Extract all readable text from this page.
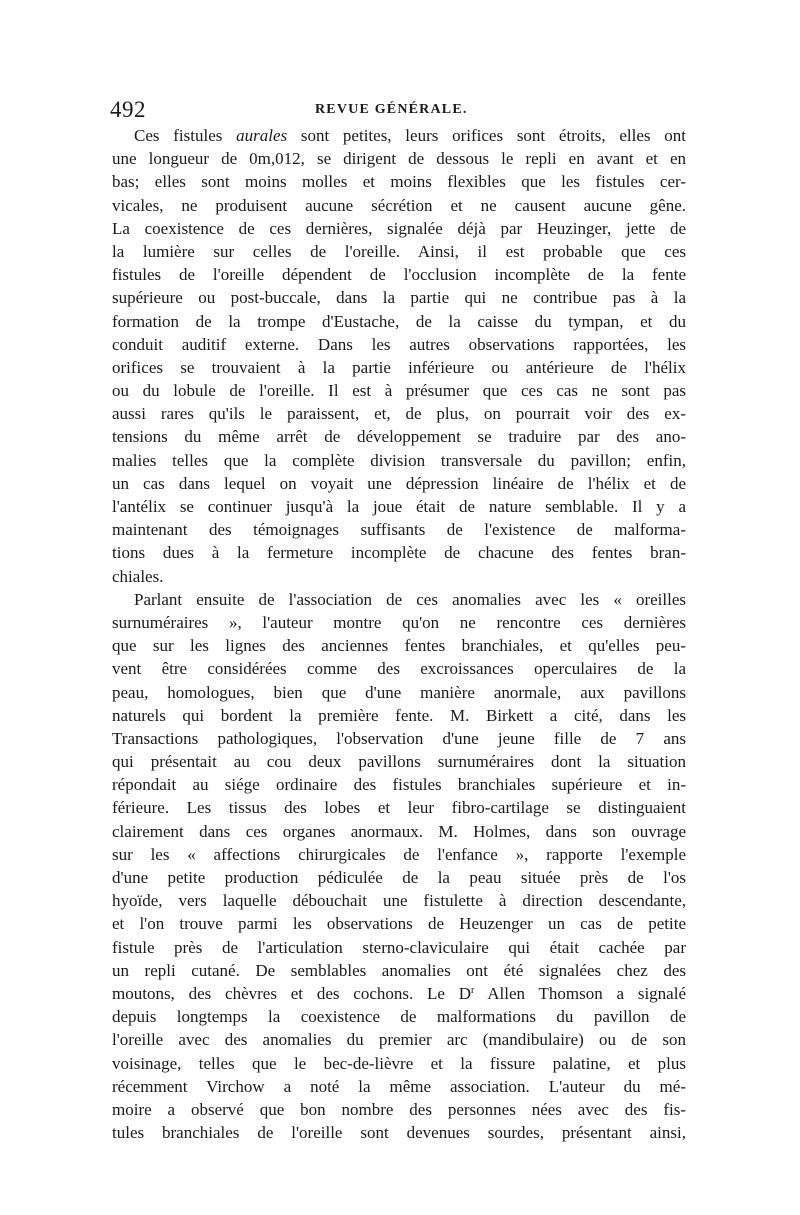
492	REVUE GÉNÉRALE.
Ces fistules aurales sont petites, leurs orifices sont étroits, elles ont
une longueur de 0m,012, se dirigent de dessous le repli en avant et en
bas; elles sont moins molles et moins flexibles que les fistules cer-
vicales, ne produisent aucune sécrétion et ne causent aucune gêne.
La coexistence de ces dernières, signalée déjà par Heuzinger, jette de
la lumière sur celles de l'oreille. Ainsi, il est probable que ces
fistules de l'oreille dépendent de l'occlusion incomplète de la fente
supérieure ou post-buccale, dans la partie qui ne contribue pas à la
formation de la trompe d'Eustache, de la caisse du tympan, et du
conduit auditif externe. Dans les autres observations rapportées, les
orifices se trouvaient à la partie inférieure ou antérieure de l'hélix
ou du lobule de l'oreille. Il est à présumer que ces cas ne sont pas
aussi rares qu'ils le paraissent, et, de plus, on pourrait voir des ex-
tensions du même arrêt de développement se traduire par des ano-
malies telles que la complète division transversale du pavillon; enfin,
un cas dans lequel on voyait une dépression linéaire de l'hélix et de
l'antélix se continuer jusqu'à la joue était de nature semblable. Il y a
maintenant des témoignages suffisants de l'existence de malforma-
tions dues à la fermeture incomplète de chacune des fentes bran-
chiales.
Parlant ensuite de l'association de ces anomalies avec les « oreilles
surnuméraires », l'auteur montre qu'on ne rencontre ces dernières
que sur les lignes des anciennes fentes branchiales, et qu'elles peu-
vent être considérées comme des excroissances operculaires de la
peau, homologues, bien que d'une manière anormale, aux pavillons
naturels qui bordent la première fente. M. Birkett a cité, dans les
Transactions pathologiques, l'observation d'une jeune fille de 7 ans
qui présentait au cou deux pavillons surnuméraires dont la situation
répondait au siége ordinaire des fistules branchiales supérieure et in-
férieure. Les tissus des lobes et leur fibro-cartilage se distinguaient
clairement dans ces organes anormaux. M. Holmes, dans son ouvrage
sur les « affections chirurgicales de l'enfance », rapporte l'exemple
d'une petite production pédiculée de la peau située près de l'os
hyoïde, vers laquelle débouchait une fistulette à direction descendante,
et l'on trouve parmi les observations de Heuzenger un cas de petite
fistule près de l'articulation sterno-claviculaire qui était cachée par
un repli cutané. De semblables anomalies ont été signalées chez des
moutons, des chèvres et des cochons. Le $D^r$ Allen Thomson a signalé
depuis longtemps la coexistence de malformations du pavillon de
l'oreille avec des anomalies du premier arc (mandibulaire) ou de son
voisinage, telles que le bec-de-lièvre et la fissure palatine, et plus
récemment Virchow a noté la même association. L'auteur du mé-
moire a observé que bon nombre des personnes nées avec des fis-
tules branchiales de l'oreille sont devenues sourdes, présentant ainsi,
